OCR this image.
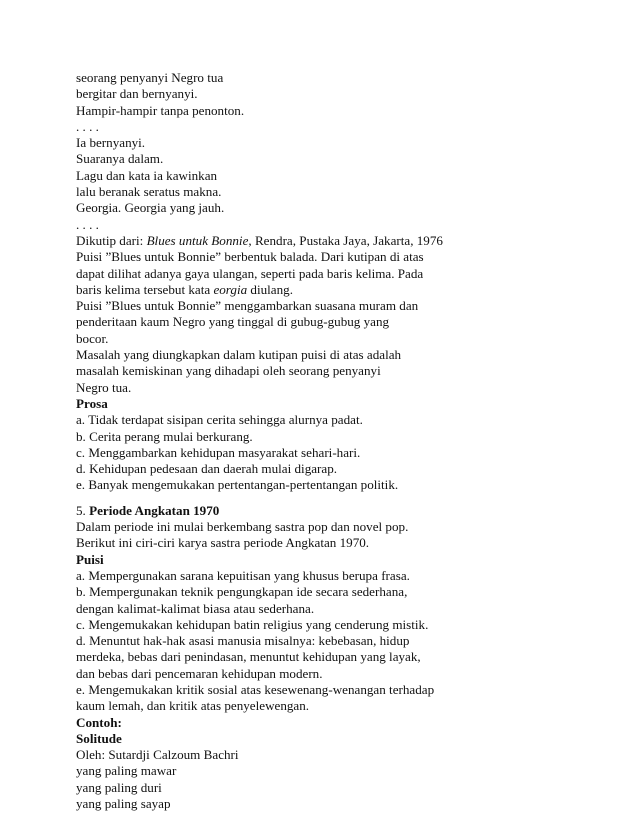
seorang penyanyi Negro tua
bergitar dan bernyanyi.
Hampir-hampir tanpa penonton.
. . . .
Ia bernyanyi.
Suaranya dalam.
Lagu dan kata ia kawinkan
lalu beranak seratus makna.
Georgia. Georgia yang jauh.
. . . .
Dikutip dari: Blues untuk Bonnie, Rendra, Pustaka Jaya, Jakarta, 1976
Puisi ”Blues untuk Bonnie” berbentuk balada. Dari kutipan di atas
dapat dilihat adanya gaya ulangan, seperti pada baris kelima. Pada
baris kelima tersebut kata eorgia diulang.
Puisi ”Blues untuk Bonnie” menggambarkan suasana muram dan
penderitaan kaum Negro yang tinggal di gubug-gubug yang
bocor.
Masalah yang diungkapkan dalam kutipan puisi di atas adalah
masalah kemiskinan yang dihadapi oleh seorang penyanyi
Negro tua.
Prosa
a. Tidak terdapat sisipan cerita sehingga alurnya padat.
b. Cerita perang mulai berkurang.
c. Menggambarkan kehidupan masyarakat sehari-hari.
d. Kehidupan pedesaan dan daerah mulai digarap.
e. Banyak mengemukakan pertentangan-pertentangan politik.
5. Periode Angkatan 1970
Dalam periode ini mulai berkembang sastra pop dan novel pop.
Berikut ini ciri-ciri karya sastra periode Angkatan 1970.
Puisi
a. Mempergunakan sarana kepuitisan yang khusus berupa frasa.
b. Mempergunakan teknik pengungkapan ide secara sederhana,
dengan kalimat-kalimat biasa atau sederhana.
c. Mengemukakan kehidupan batin religius yang cenderung mistik.
d. Menuntut hak-hak asasi manusia misalnya: kebebasan, hidup
merdeka, bebas dari penindasan, menuntut kehidupan yang layak,
dan bebas dari pencemaran kehidupan modern.
e. Mengemukakan kritik sosial atas kesewenang-wenangan terhadap
kaum lemah, dan kritik atas penyelewengan.
Contoh:
Solitude
Oleh: Sutardji Calzoum Bachri
yang paling mawar
yang paling duri
yang paling sayap
